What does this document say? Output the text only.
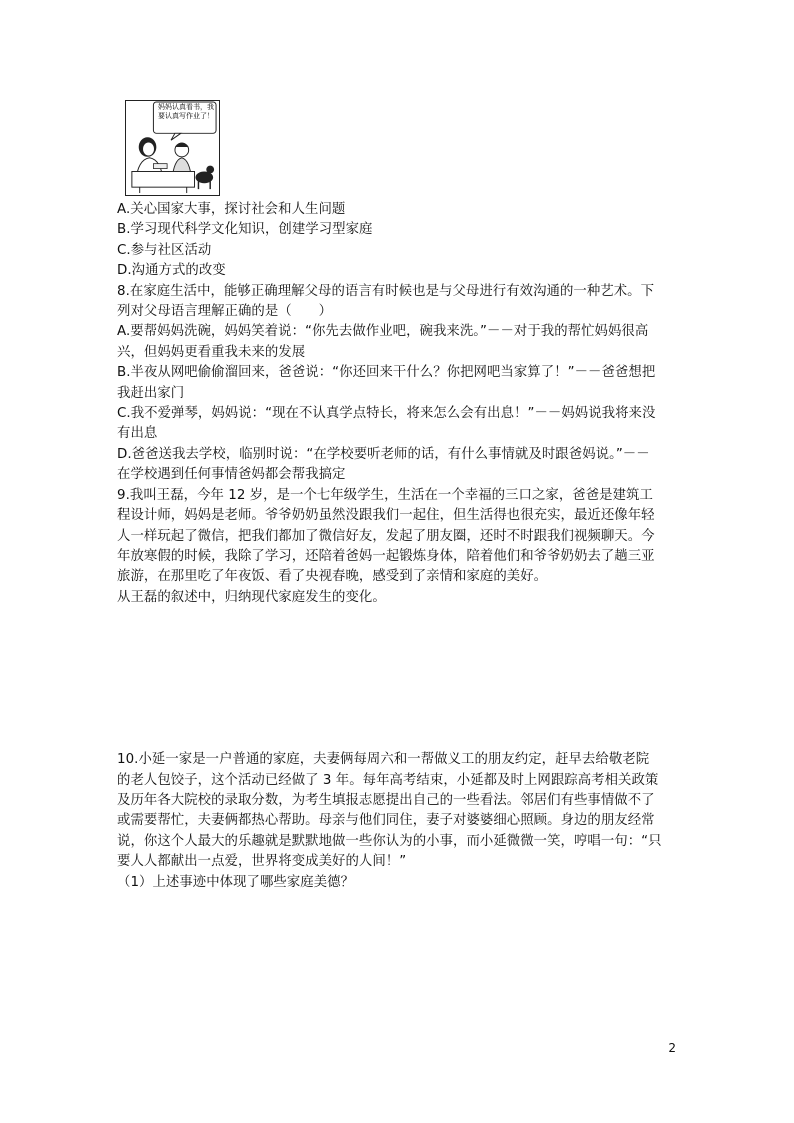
妈妈认真看书，我要认真写作业了！
A.关心国家大事，探讨社会和人生问题
B.学习现代科学文化知识，创建学习型家庭
C.参与社区活动
D.沟通方式的改变
8.在家庭生活中，能够正确理解父母的语言有时候也是与父母进行有效沟通的一种艺术。下
列对父母语言理解正确的是（　　）
A.要帮妈妈洗碗，妈妈笑着说：“你先去做作业吧，碗我来洗。”－－对于我的帮忙妈妈很高
兴，但妈妈更看重我未来的发展
B.半夜从网吧偷偷溜回来，爸爸说：“你还回来干什么？你把网吧当家算了！”－－爸爸想把
我赶出家门
C.我不爱弹琴，妈妈说：“现在不认真学点特长，将来怎么会有出息！”－－妈妈说我将来没
有出息
D.爸爸送我去学校，临别时说：“在学校要听老师的话，有什么事情就及时跟爸妈说。”－－
在学校遇到任何事情爸妈都会帮我搞定
9.我叫王磊，今年 12 岁，是一个七年级学生，生活在一个幸福的三口之家，爸爸是建筑工
程设计师，妈妈是老师。爷爷奶奶虽然没跟我们一起住，但生活得也很充实，最近还像年轻
人一样玩起了微信，把我们都加了微信好友，发起了朋友圈，还时不时跟我们视频聊天。今
年放寒假的时候，我除了学习，还陪着爸妈一起锻炼身体，陪着他们和爷爷奶奶去了趟三亚
旅游，在那里吃了年夜饭、看了央视春晚，感受到了亲情和家庭的美好。
从王磊的叙述中，归纳现代家庭发生的变化。
10.小延一家是一户普通的家庭，夫妻俩每周六和一帮做义工的朋友约定，赶早去给敬老院
的老人包饺子，这个活动已经做了 3 年。每年高考结束，小延都及时上网跟踪高考相关政策
及历年各大院校的录取分数，为考生填报志愿提出自己的一些看法。邻居们有些事情做不了
或需要帮忙，夫妻俩都热心帮助。母亲与他们同住，妻子对婆婆细心照顾。身边的朋友经常
说，你这个人最大的乐趣就是默默地做一些你认为的小事，而小延微微一笑，哼唱一句：“只
要人人都献出一点爱，世界将变成美好的人间！”
（1）上述事迹中体现了哪些家庭美德？
2
